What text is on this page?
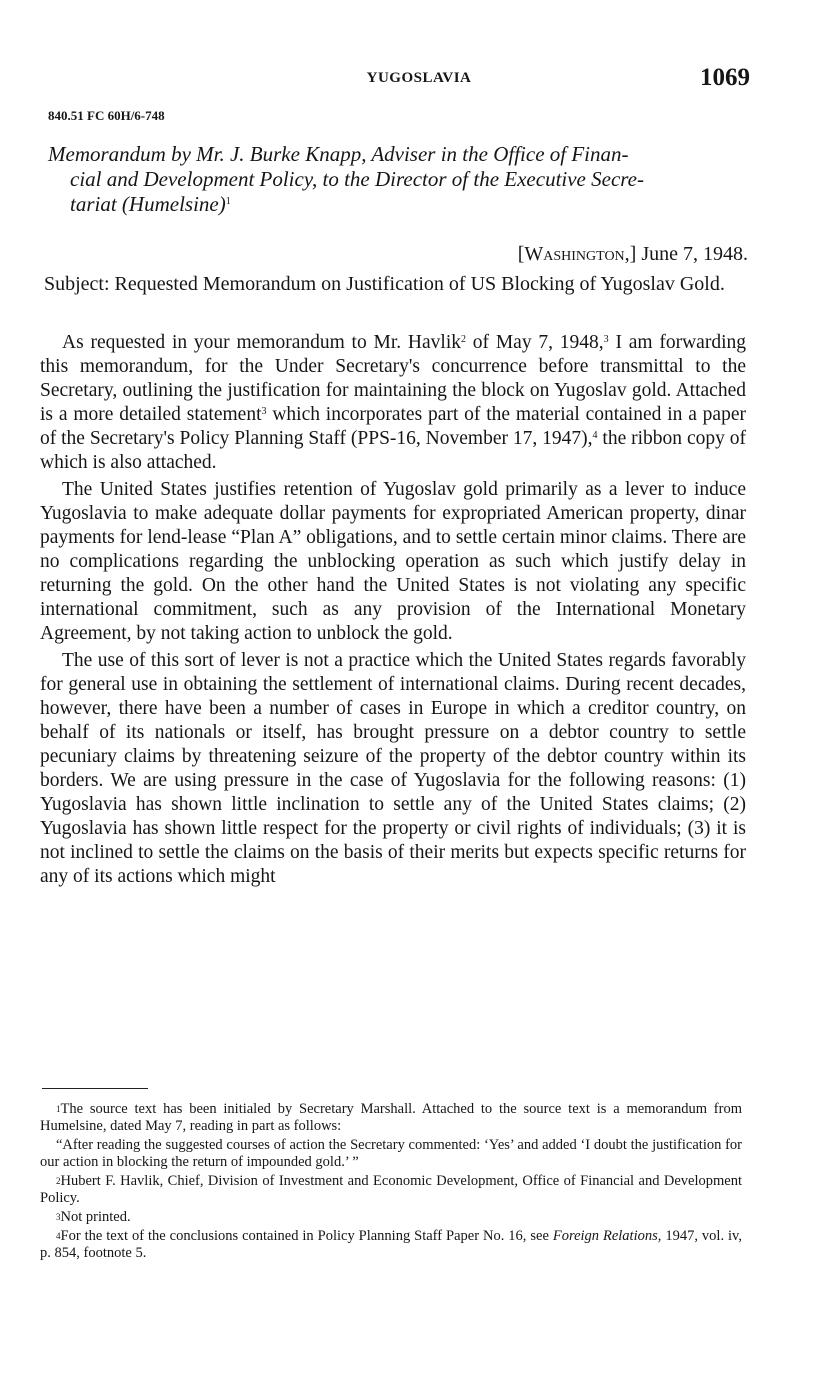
YUGOSLAVIA	1069
840.51 FC 60H/6-748
Memorandum by Mr. J. Burke Knapp, Adviser in the Office of Finan-
cial and Development Policy, to the Director of the Executive Secre-
tariat (Humelsine)$^1$
[Washington,] June 7, 1948.
Subject: Requested Memorandum on Justification of US Blocking of Yugoslav Gold.

As requested in your memorandum to Mr. Havlik$^2$ of May 7, 1948,$^3$ I am forwarding this memorandum, for the Under Secretary's concurrence before transmittal to the Secretary, outlining the justification for maintaining the block on Yugoslav gold. Attached is a more detailed statement$^3$ which incorporates part of the material contained in a paper of the Secretary's Policy Planning Staff (PPS-16, November 17, 1947),$^4$ the ribbon copy of which is also attached.

The United States justifies retention of Yugoslav gold primarily as a lever to induce Yugoslavia to make adequate dollar payments for expropriated American property, dinar payments for lend-lease “Plan A” obligations, and to settle certain minor claims. There are no complications regarding the unblocking operation as such which justify delay in returning the gold. On the other hand the United States is not violating any specific international commitment, such as any provision of the International Monetary Agreement, by not taking action to unblock the gold.

The use of this sort of lever is not a practice which the United States regards favorably for general use in obtaining the settlement of international claims. During recent decades, however, there have been a number of cases in Europe in which a creditor country, on behalf of its nationals or itself, has brought pressure on a debtor country to settle pecuniary claims by threatening seizure of the property of the debtor country within its borders. We are using pressure in the case of Yugoslavia for the following reasons: (1) Yugoslavia has shown little inclination to settle any of the United States claims; (2) Yugoslavia has shown little respect for the property or civil rights of individuals; (3) it is not inclined to settle the claims on the basis of their merits but expects specific returns for any of its actions which might

$^1$The source text has been initialed by Secretary Marshall. Attached to the source text is a memorandum from Humelsine, dated May 7, reading in part as follows:

“After reading the suggested courses of action the Secretary commented: ‘Yes’ and added ‘I doubt the justification for our action in blocking the return of impounded gold.’ ”

$^2$Hubert F. Havlik, Chief, Division of Investment and Economic Development, Office of Financial and Development Policy.

$^3$Not printed.

$^4$For the text of the conclusions contained in Policy Planning Staff Paper No. 16, see Foreign Relations, 1947, vol. iv, p. 854, footnote 5.
